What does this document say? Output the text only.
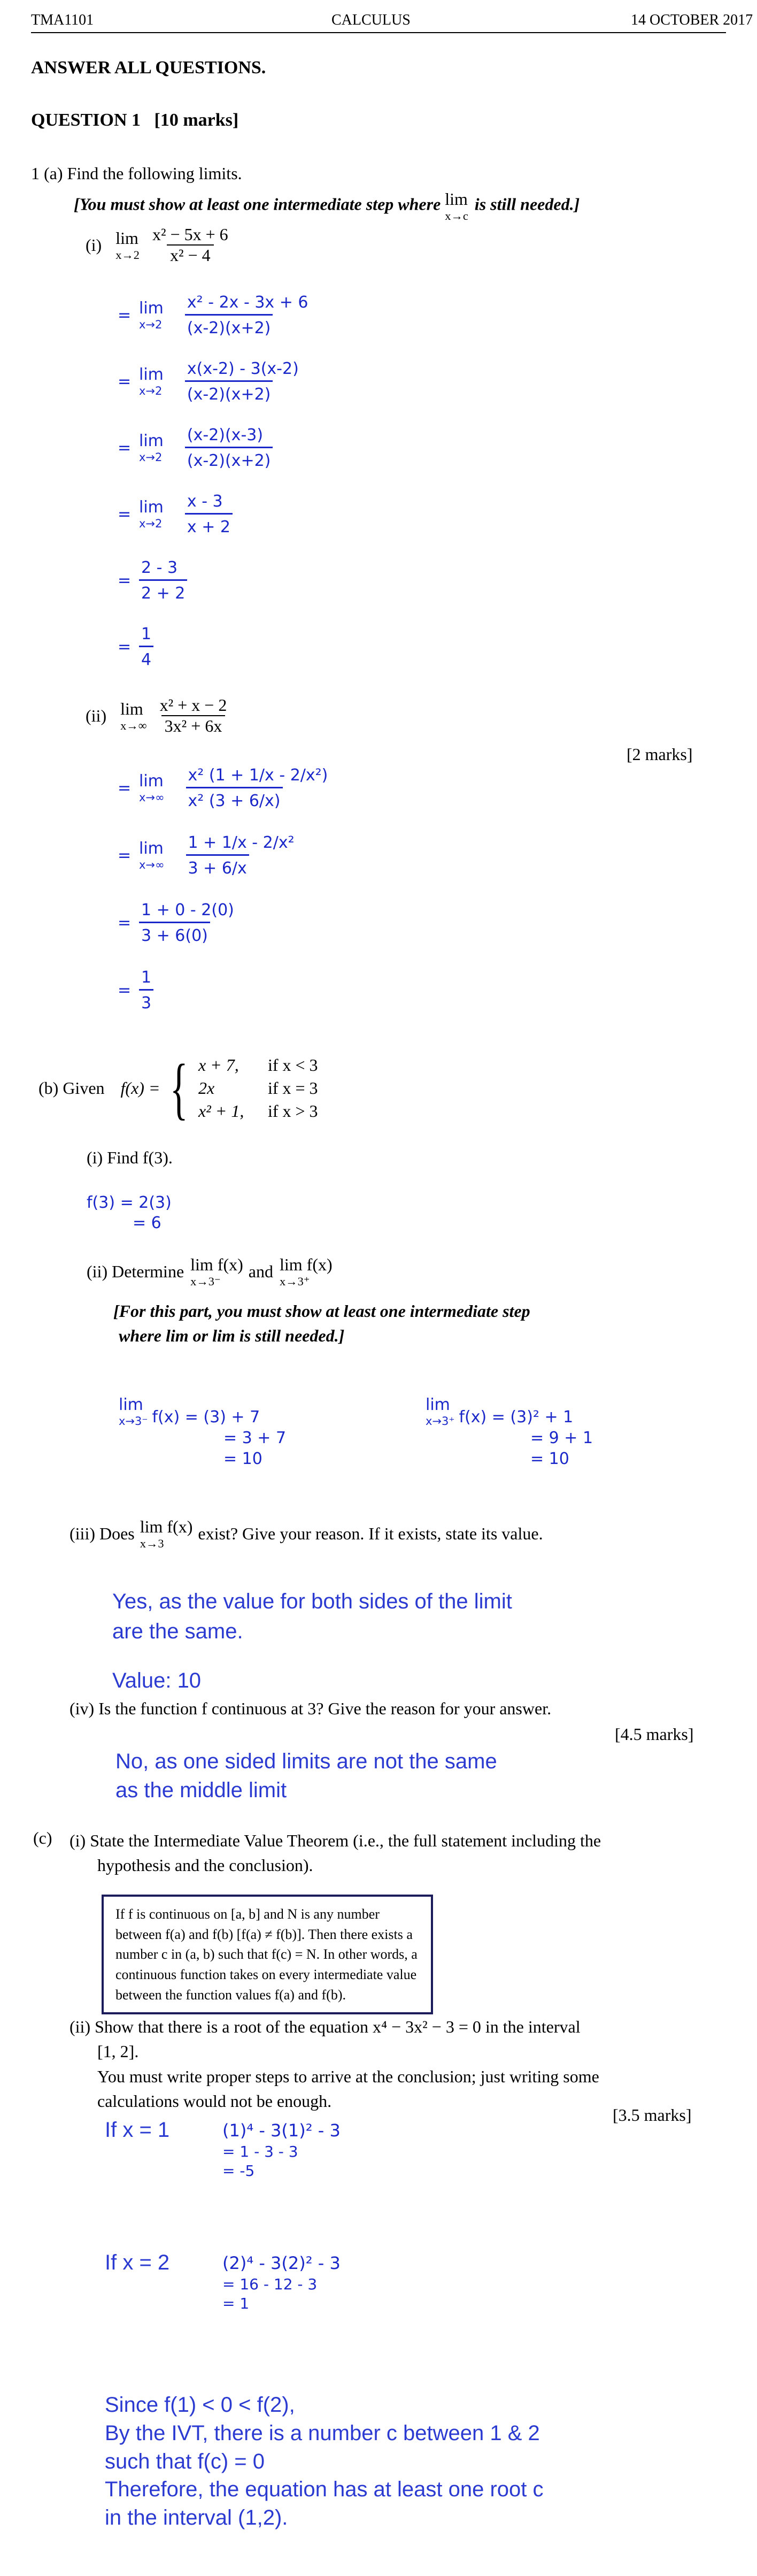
TMA1101	CALCULUS	14 OCTOBER 2017
ANSWER ALL QUESTIONS.
QUESTION 1 [10 marks]
1 (a) Find the following limits.
[You must show at least one intermediate step where lim
x→c
is still needed.]
(i) lim
$x\to 2 \frac{\text{x² − 5x + 6}}{\text{x² − 4}}$
= lim
$x\to 2 \frac{\text{x² - 2x - 3x + 6}}{(x-2)(x+2)}$
= lim
$x\to 2 \frac{x(x-2) - 3(x-2)}{(x-2)(x+2)}$
= lim
$x\to 2 \frac{(x-2)(x-3)}{(x-2)(x+2)}$
= lim
$x\to 2 \frac{x - 3}{x + 2}$
= $\frac{2 - 3}{2 + 2}$
= $\frac{1}{4}$
(ii) lim
$x\to\infty \frac{\text{x² + x − 2}}{\text{3x² + 6x}}$
[2 marks]
= lim
$x\to\infty \frac{\text{x² (1 + 1/x - 2/x²)}}{\text{x² (3 + 6/x)}}$
= lim
$x\to\infty \frac{\text{1 + 1/x - 2/x²}}{3 + 6/x}$
= $\frac{1 + 0 - 2(0)}{3 + 6(0)}$
= $\frac{1}{3}$
(b) Given f(x) = { x + 7,	if x < 3
2x	if x = 3
x² + 1,	if x > 3
(i) Find f(3).
f(3) = 2(3)
= 6
(ii) Determine lim f(x)
x→3⁻
and lim f(x)
x→3⁺
[For this part, you must show at least one intermediate step
where lim or lim is still needed.]
lim
x→3⁻ f(x) = (3) + 7
= 3 + 7
= 10
lim
x→3⁺ f(x) = (3)² + 1
= 9 + 1
= 10
(iii) Does lim f(x)
x→3
exist? Give your reason. If it exists, state its value.
Yes, as the value for both sides of the limit
are the same.
Value: 10
(iv) Is the function f continuous at 3? Give the reason for your answer.
[4.5 marks]
No, as one sided limits are not the same
as the middle limit
(c) (i) State the Intermediate Value Theorem (i.e., the full statement including the
hypothesis and the conclusion).
If f is continuous on [a, b] and N is any number between f(a) and f(b) [f(a) ≠ f(b)]. Then there exists a number c in (a, b) such that f(c) = N. In other words, a continuous function takes on every intermediate value between the function values f(a) and f(b).
(ii) Show that there is a root of the equation x⁴ − 3x² − 3 = 0 in the interval
[1, 2].
You must write proper steps to arrive at the conclusion; just writing some
calculations would not be enough.
[3.5 marks]
If x = 1	(1)⁴ - 3(1)² - 3
= 1 - 3 - 3
= -5
If x = 2	(2)⁴ - 3(2)² - 3
= 16 - 12 - 3
= 1
Since f(1) < 0 < f(2),
By the IVT, there is a number c between 1 & 2
such that f(c) = 0
Therefore, the equation has at least one root c
in the interval (1,2).
